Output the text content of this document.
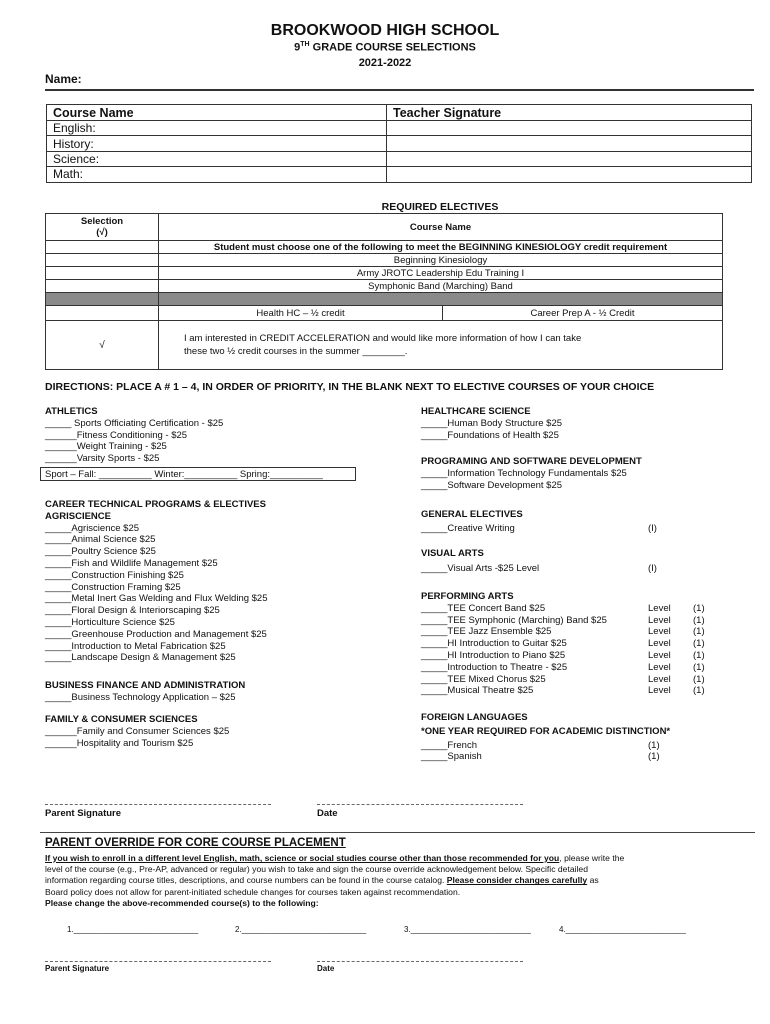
BROOKWOOD HIGH SCHOOL
9TH GRADE COURSE SELECTIONS
2021-2022
Name:
Course Name	Teacher Signature
English:	
History:	
Science:	
Math:	
REQUIRED ELECTIVES
Selection
(√)	Course Name	
	Student must choose one of the following to meet the BEGINNING KINESIOLOGY credit requirement	
	Beginning Kinesiology	
	Army JROTC Leadership Edu Training I	
	Symphonic Band (Marching) Band	

	Health HC – ½ credit	Career Prep A - ½ Credit
√	I am interested in CREDIT ACCELERATION and would like more information of how I can take
these two ½ credit courses in the summer ________.	
DIRECTIONS: PLACE A # 1 – 4, IN ORDER OF PRIORITY, IN THE BLANK NEXT TO ELECTIVE COURSES OF YOUR CHOICE
ATHLETICS
_____ Sports Officiating Certification - $25
______Fitness Conditioning - $25
______Weight Training - $25
______Varsity Sports - $25
Sport – Fall: __________ Winter:__________ Spring:__________
CAREER TECHNICAL PROGRAMS & ELECTIVES
AGRISCIENCE
_____Agriscience $25
_____Animal Science $25
_____Poultry Science $25
_____Fish and Wildlife Management $25
_____Construction Finishing $25
_____Construction Framing $25
_____Metal Inert Gas Welding and Flux Welding $25
_____Floral Design & Interiorscaping $25
_____Horticulture Science $25
_____Greenhouse Production and Management $25
_____Introduction to Metal Fabrication $25
_____Landscape Design & Management $25
BUSINESS FINANCE AND ADMINISTRATION
_____Business Technology Application – $25
FAMILY & CONSUMER SCIENCES
______Family and Consumer Sciences $25
______Hospitality and Tourism $25
HEALTHCARE SCIENCE
_____Human Body Structure $25
_____Foundations of Health $25
PROGRAMING AND SOFTWARE DEVELOPMENT
_____Information Technology Fundamentals $25
_____Software Development $25
GENERAL ELECTIVES
_____Creative Writing	(I)
VISUAL ARTS
_____Visual Arts -$25 Level	(I)
PERFORMING ARTS
_____TEE Concert Band $25	Level (1)
_____TEE Symphonic (Marching) Band $25	Level (1)
_____TEE Jazz Ensemble $25	Level (1)
_____HI Introduction to Guitar $25	Level (1)
_____HI Introduction to Piano $25	Level (1)
_____Introduction to Theatre - $25	Level (1)
_____TEE Mixed Chorus $25	Level (1)
_____Musical Theatre $25	Level (1)
FOREIGN LANGUAGES
*ONE YEAR REQUIRED FOR ACADEMIC DISTINCTION*
_____French	(1)
_____Spanish	(1)
Parent Signature	Date
PARENT OVERRIDE FOR CORE COURSE PLACEMENT
If you wish to enroll in a different level English, math, science or social studies course other than those recommended for you, please write the
level of the course (e.g., Pre-AP, advanced or regular) you wish to take and sign the course override acknowledgement below. Specific detailed
information regarding course titles, descriptions, and course numbers can be found in the course catalog. Please consider changes carefully as
Board policy does not allow for parent-initiated schedule changes for courses taken against recommendation.
Please change the above-recommended course(s) to the following:
1.____________________________	2.____________________________	3.___________________________	4.___________________________
Parent Signature	Date
